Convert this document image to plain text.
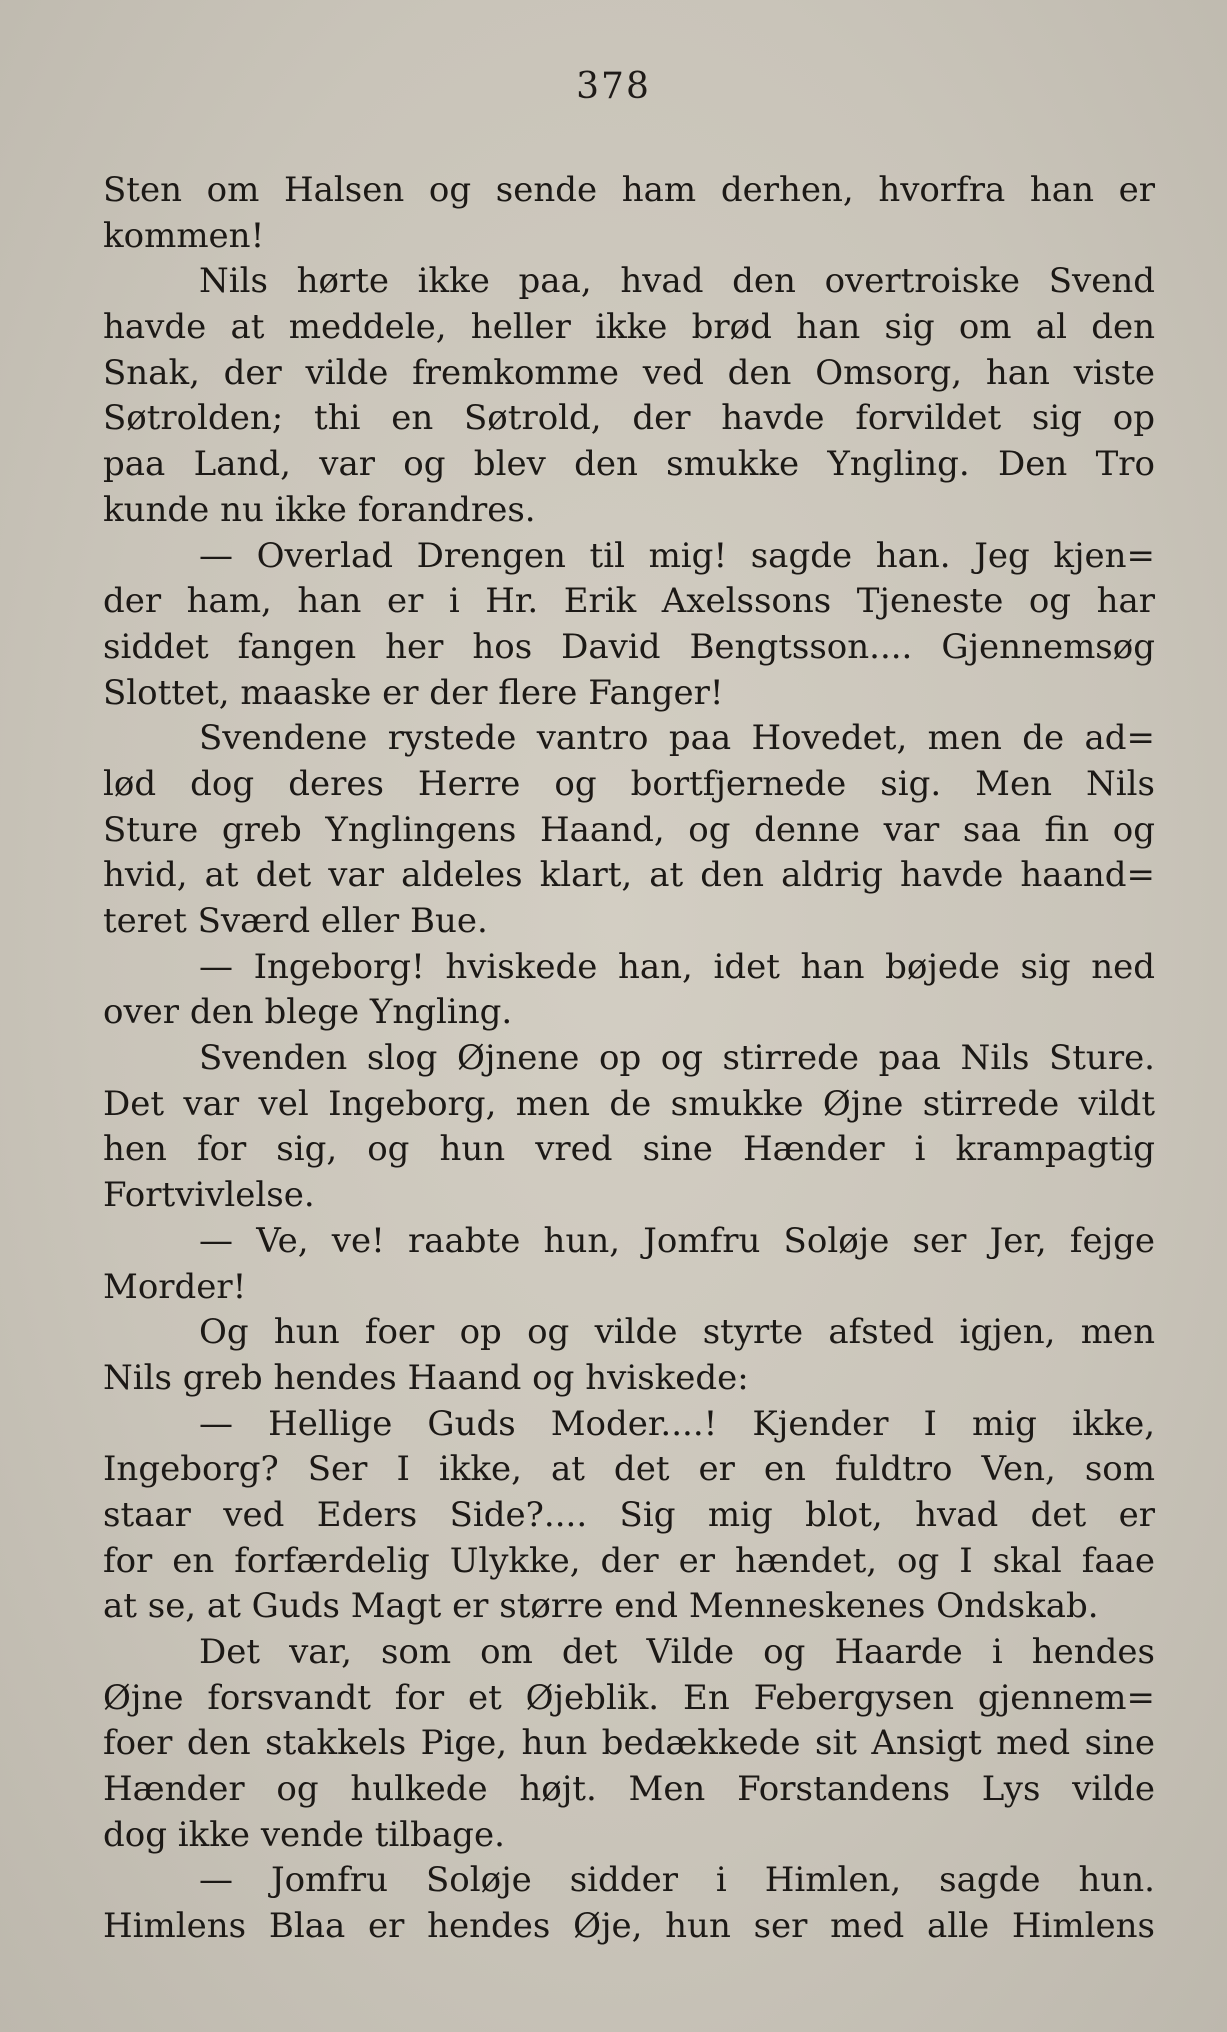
378
Sten om Halsen og sende ham derhen, hvorfra han er
kommen!
Nils hørte ikke paa, hvad den overtroiske Svend
havde at meddele, heller ikke brød han sig om al den
Snak, der vilde fremkomme ved den Omsorg, han viste
Søtrolden; thi en Søtrold, der havde forvildet sig op
paa Land, var og blev den smukke Yngling. Den Tro
kunde nu ikke forandres.
— Overlad Drengen til mig! sagde han. Jeg kjen=
der ham, han er i Hr. Erik Axelssons Tjeneste og har
siddet fangen her hos David Bengtsson.... Gjennemsøg
Slottet, maaske er der flere Fanger!
Svendene rystede vantro paa Hovedet, men de ad=
lød dog deres Herre og bortfjernede sig. Men Nils
Sture greb Ynglingens Haand, og denne var saa fin og
hvid, at det var aldeles klart, at den aldrig havde haand=
teret Sværd eller Bue.
— Ingeborg! hviskede han, idet han bøjede sig ned
over den blege Yngling.
Svenden slog Øjnene op og stirrede paa Nils Sture.
Det var vel Ingeborg, men de smukke Øjne stirrede vildt
hen for sig, og hun vred sine Hænder i krampagtig
Fortvivlelse.
— Ve, ve! raabte hun, Jomfru Soløje ser Jer, fejge
Morder!
Og hun foer op og vilde styrte afsted igjen, men
Nils greb hendes Haand og hviskede:
— Hellige Guds Moder....! Kjender I mig ikke,
Ingeborg? Ser I ikke, at det er en fuldtro Ven, som
staar ved Eders Side?.... Sig mig blot, hvad det er
for en forfærdelig Ulykke, der er hændet, og I skal faae
at se, at Guds Magt er større end Menneskenes Ondskab.
Det var, som om det Vilde og Haarde i hendes
Øjne forsvandt for et Øjeblik. En Febergysen gjennem=
foer den stakkels Pige, hun bedækkede sit Ansigt med sine
Hænder og hulkede højt. Men Forstandens Lys vilde
dog ikke vende tilbage.
— Jomfru Soløje sidder i Himlen, sagde hun.
Himlens Blaa er hendes Øje, hun ser med alle Himlens
